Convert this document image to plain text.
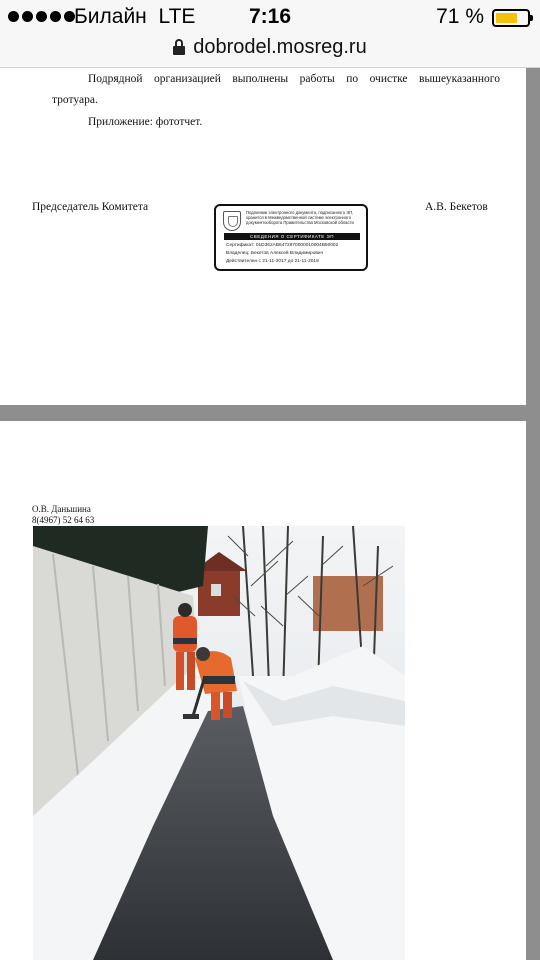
Билайн LTE	7:16	71 %
dobrodel.mosreg.ru
Подрядной организацией выполнены работы по очистке вышеуказанного
тротуара.
Приложение: фототчет.
Председатель Комитета	А.В. Бекетов
Подлинник электронного документа, подписанного ЭП, хранится в Межведомственной системе электронного документооборота Правительства Московской области
СВЕДЕНИЯ О СЕРТИФИКАТЕ ЭП
Сертификат: 01D362AB6472870000010004B50002
Владелец: Бекетов Алексей Владимирович
Действителен с 21-11-2017 до 21-11-2018
О.В. Даньшина
8(4967) 52 64 63
